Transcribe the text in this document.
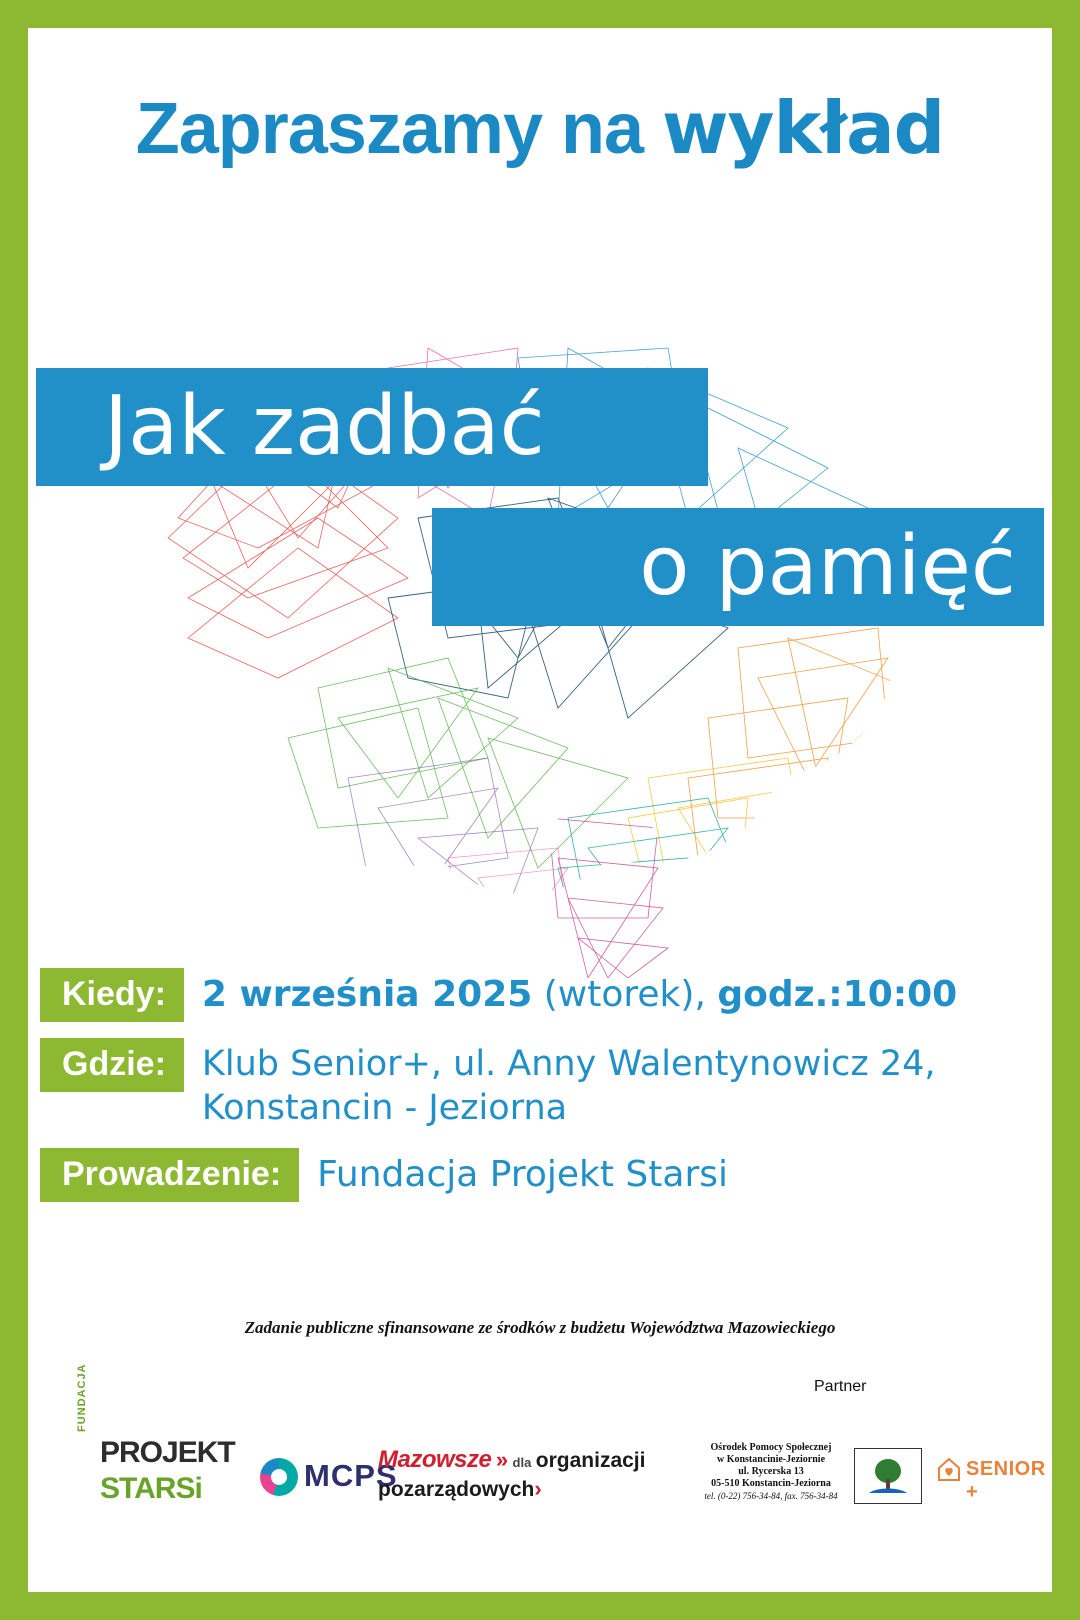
Zapraszamy na wykład
Jak zadbać
o pamięć
Kiedy:	2 września 2025 (wtorek), godz.:10:00
Gdzie:	Klub Senior+, ul. Anny Walentynowicz 24,
Konstancin - Jeziorna
Prowadzenie:	Fundacja Projekt Starsi
Zadanie publiczne sfinansowane ze środków z budżetu Województwa Mazowieckiego
Partner
FUNDACJA
PROJEKT
STARSi	MCPS
Mazowsze » dla organizacji
pozarządowych›
Ośrodek Pomocy Społecznej
w Konstancinie-Jeziornie
ul. Rycerska 13
05-510 Konstancin-Jeziorna
tel. (0-22) 756-34-84, fax. 756-34-84
SENIOR +
